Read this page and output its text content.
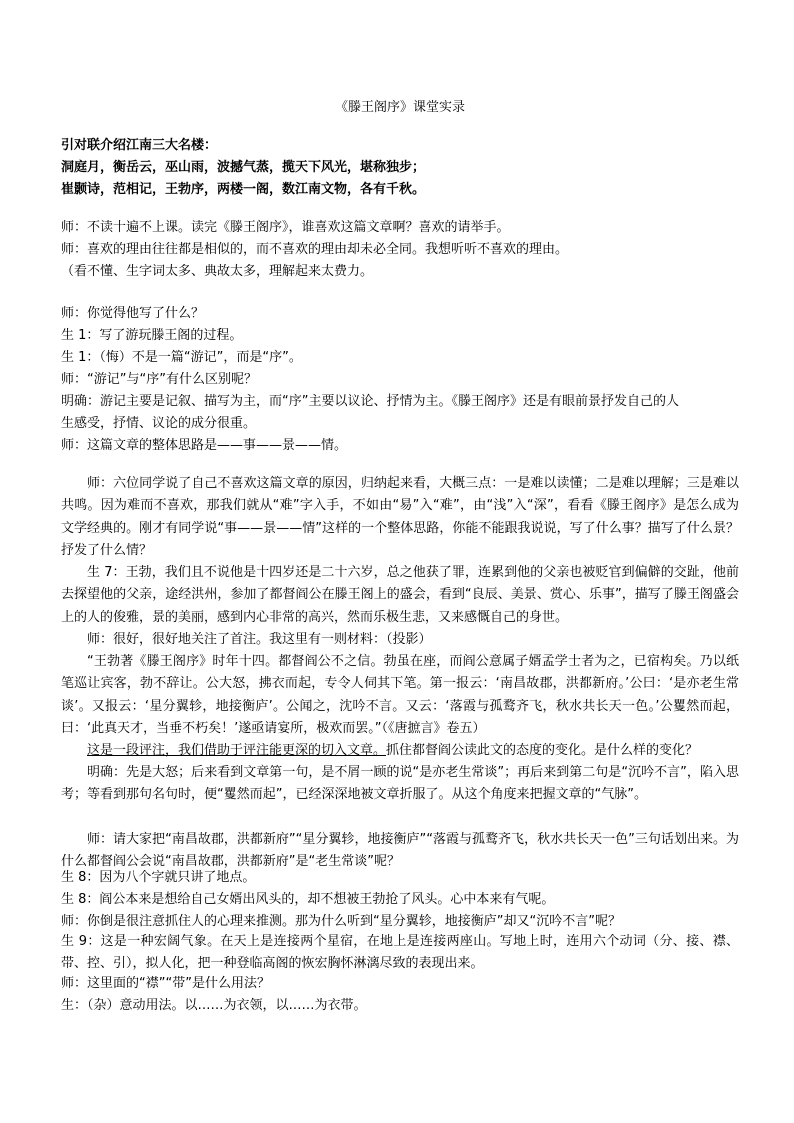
《滕王阁序》课堂实录
引对联介绍江南三大名楼：
洞庭月，衡岳云，巫山雨，波撼气蒸，揽天下风光，堪称独步；
崔颢诗，范相记，王勃序，两楼一阁，数江南文物，各有千秋。
师：不读十遍不上课。读完《滕王阁序》，谁喜欢这篇文章啊？喜欢的请举手。
师：喜欢的理由往往都是相似的，而不喜欢的理由却未必全同。我想听听不喜欢的理由。
（看不懂、生字词太多、典故太多，理解起来太费力。
师：你觉得他写了什么？
生 1：写了游玩滕王阁的过程。
生 1：（悔）不是一篇“游记”，而是“序”。
师：“游记”与“序”有什么区别呢？
明确：游记主要是记叙、描写为主，而“序”主要以议论、抒情为主。《滕王阁序》还是有眼前景抒发自己的人
生感受，抒情、议论的成分很重。
师：这篇文章的整体思路是——事——景——情。
师：六位同学说了自己不喜欢这篇文章的原因，归纳起来看，大概三点：一是难以读懂；二是难以理解；三是难以共鸣。因为难而不喜欢，那我们就从“难”字入手，不如由“易”入“难”，由“浅”入“深”，看看《滕王阁序》是怎么成为文学经典的。刚才有同学说“事——景——情”这样的一个整体思路，你能不能跟我说说，写了什么事？描写了什么景？抒发了什么情？
生 7：王勃，我们且不说他是十四岁还是二十六岁，总之他获了罪，连累到他的父亲也被贬官到偏僻的交趾，他前去探望他的父亲，途经洪州，参加了都督阎公在滕王阁上的盛会，看到“良辰、美景、赏心、乐事”，描写了滕王阁盛会上的人的俊雅，景的美丽，感到内心非常的高兴，然而乐极生悲，又来感慨自己的身世。
师：很好，很好地关注了首注。我这里有一则材料：（投影）
“王勃著《滕王阁序》时年十四。都督阎公不之信。勃虽在座，而阎公意属子婿孟学士者为之，已宿构矣。乃以纸笔巡让宾客，勃不辞让。公大怒，拂衣而起，专令人伺其下笔。第一报云：‘南昌故郡，洪都新府。’公曰：‘是亦老生常谈’。又报云：‘星分翼轸，地接衡庐’。公闻之，沈吟不言。又云：‘落霞与孤鹜齐飞，秋水共长天一色。’公矍然而起，曰：‘此真天才，当垂不朽矣！’遂亟请宴所，极欢而罢。”（《唐摭言》卷五）
这是一段评注，我们借助于评注能更深的切入文章。抓住都督阎公读此文的态度的变化。是什么样的变化？
明确：先是大怒；后来看到文章第一句，是不屑一顾的说“是亦老生常谈”；再后来到第二句是“沉吟不言”，陷入思考；等看到那句名句时，便“矍然而起”，已经深深地被文章折服了。从这个角度来把握文章的“气脉”。
师：请大家把“南昌故郡，洪都新府”“星分翼轸，地接衡庐”“落霞与孤鹜齐飞，秋水共长天一色”三句话划出来。为什么都督阎公会说“南昌故郡，洪都新府”是“老生常谈”呢？
生 8：因为八个字就只讲了地点。
生 8：阎公本来是想给自己女婿出风头的，却不想被王勃抢了风头。心中本来有气呢。
师：你倒是很注意抓住人的心理来推测。那为什么听到“星分翼轸，地接衡庐”却又“沉吟不言”呢？
生 9：这是一种宏阔气象。在天上是连接两个星宿，在地上是连接两座山。写地上时，连用六个动词（分、接、襟、带、控、引），拟人化，把一种登临高阁的恢宏胸怀淋漓尽致的表现出来。
师：这里面的“襟”“带”是什么用法？
生：（杂）意动用法。以……为衣领，以……为衣带。
